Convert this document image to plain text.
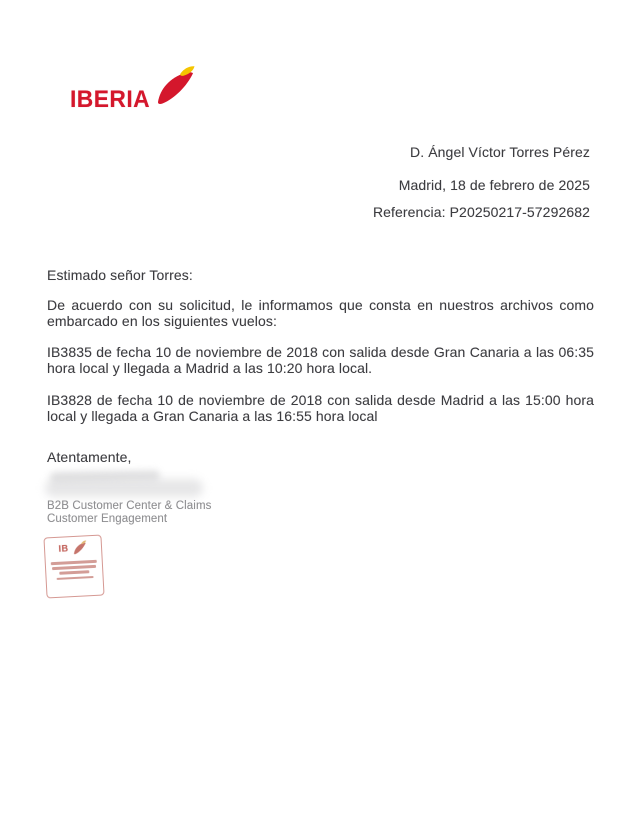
IBERIA
D. Ángel Víctor Torres Pérez
Madrid, 18 de febrero de 2025
Referencia: P20250217-57292682
Estimado señor Torres:
De acuerdo con su solicitud, le informamos que consta en nuestros archivos como
embarcado en los siguientes vuelos:
IB3835 de fecha 10 de noviembre de 2018 con salida desde Gran Canaria a las 06:35
hora local y llegada a Madrid a las 10:20 hora local.
IB3828 de fecha 10 de noviembre de 2018 con salida desde Madrid a las 15:00 hora
local y llegada a Gran Canaria a las 16:55 hora local
Atentamente,
B2B Customer Center & Claims
Customer Engagement
IB
